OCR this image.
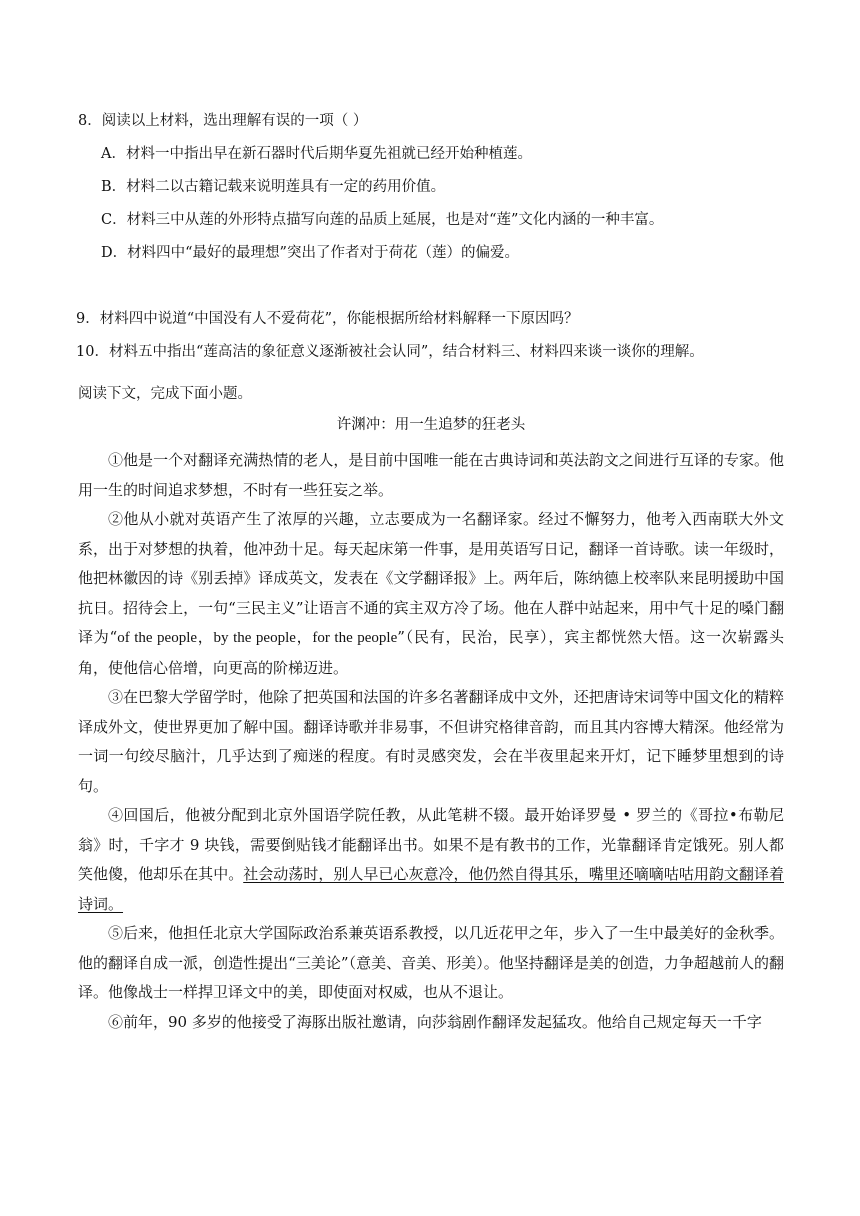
8．阅读以上材料，选出理解有误的一项（ ）
A．材料一中指出早在新石器时代后期华夏先祖就已经开始种植莲。
B．材料二以古籍记载来说明莲具有一定的药用价值。
C．材料三中从莲的外形特点描写向莲的品质上延展，也是对“莲”文化内涵的一种丰富。
D．材料四中“最好的最理想”突出了作者对于荷花（莲）的偏爱。
9．材料四中说道“中国没有人不爱荷花”，你能根据所给材料解释一下原因吗？
10．材料五中指出“莲高洁的象征意义逐渐被社会认同”，结合材料三、材料四来谈一谈你的理解。
阅读下文，完成下面小题。
许渊冲：用一生追梦的狂老头

①他是一个对翻译充满热情的老人，是目前中国唯一能在古典诗词和英法韵文之间进行互译的专家。他用一生的时间追求梦想，不时有一些狂妄之举。

②他从小就对英语产生了浓厚的兴趣，立志要成为一名翻译家。经过不懈努力，他考入西南联大外文系，出于对梦想的执着，他冲劲十足。每天起床第一件事，是用英语写日记，翻译一首诗歌。读一年级时，他把林徽因的诗《别丢掉》译成英文，发表在《文学翻译报》上。两年后，陈纳德上校率队来昆明援助中国抗日。招待会上，一句“三民主义”让语言不通的宾主双方冷了场。他在人群中站起来，用中气十足的嗓门翻译为“of the people，by the people，for the people”（民有，民治，民享），宾主都恍然大悟。这一次崭露头角，使他信心倍增，向更高的阶梯迈进。

③在巴黎大学留学时，他除了把英国和法国的许多名著翻译成中文外，还把唐诗宋词等中国文化的精粹译成外文，使世界更加了解中国。翻译诗歌并非易事，不但讲究格律音韵，而且其内容博大精深。他经常为一词一句绞尽脑汁，几乎达到了痴迷的程度。有时灵感突发，会在半夜里起来开灯，记下睡梦里想到的诗句。

④回国后，他被分配到北京外国语学院任教，从此笔耕不辍。最开始译罗曼 • 罗兰的《哥拉•布勒尼翁》时，千字才 9 块钱，需要倒贴钱才能翻译出书。如果不是有教书的工作，光靠翻译肯定饿死。别人都笑他傻，他却乐在其中。社会动荡时，别人早已心灰意冷，他仍然自得其乐，嘴里还嘀嘀咕咕用韵文翻译着诗词。

⑤后来，他担任北京大学国际政治系兼英语系教授，以几近花甲之年，步入了一生中最美好的金秋季。他的翻译自成一派，创造性提出“三美论”（意美、音美、形美）。他坚持翻译是美的创造，力争超越前人的翻译。他像战士一样捍卫译文中的美，即使面对权威，也从不退让。

⑥前年，90 多岁的他接受了海豚出版社邀请，向莎翁剧作翻译发起猛攻。他给自己规定每天一千字
